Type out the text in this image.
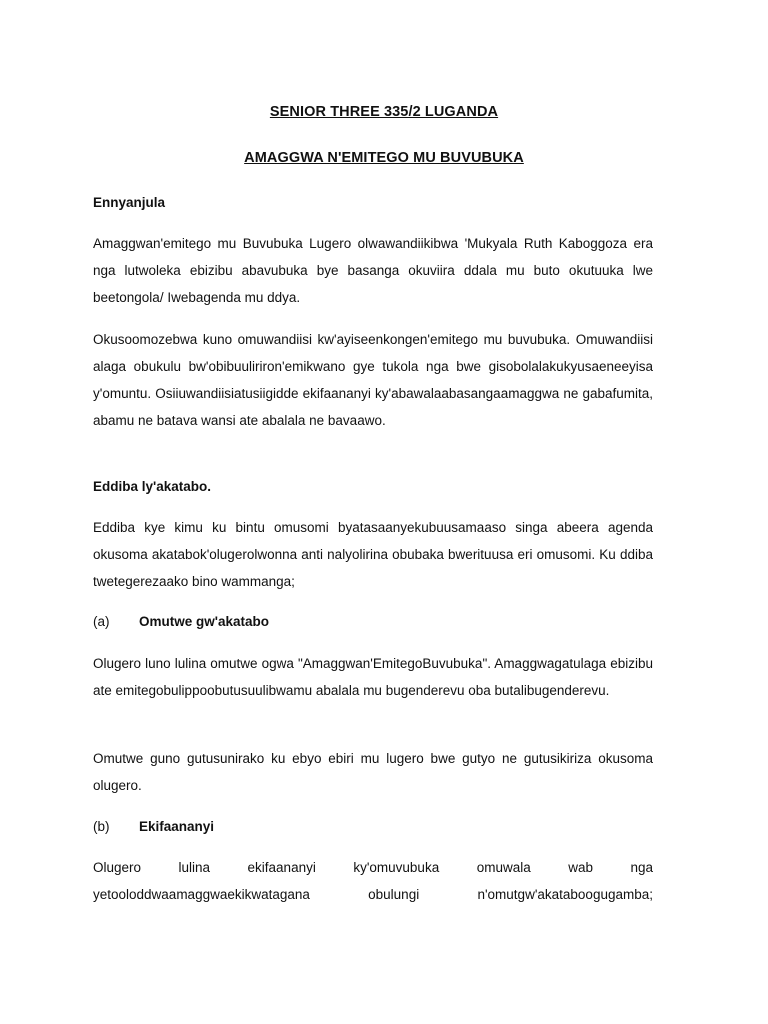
SENIOR THREE 335/2 LUGANDA
AMAGGWA N'EMITEGO MU BUVUBUKA
Ennyanjula
Amaggwan'emitego mu Buvubuka Lugero olwawandiikibwa 'Mukyala Ruth Kaboggoza era nga lutwoleka ebizibu abavubuka bye basanga okuviira ddala mu buto okutuuka lwe beetongola/ Iwebagenda mu ddya.
Okusoomozebwa kuno omuwandiisi kw'ayiseenkongen'emitego mu buvubuka. Omuwandiisi alaga obukulu bw'obibuuliriron'emikwano gye tukola nga bwe gisobolalakukyusaeneeyisa y'omuntu. Osiiuwandiisiatusiigidde ekifaananyi ky'abawalaabasangaamaggwa ne gabafumita, abamu ne batava wansi ate abalala ne bavaawo.
Eddiba ly'akatabo.
Eddiba kye kimu ku bintu omusomi byatasaanyekubuusamaaso singa abeera agenda okusoma akatabok'olugerolwonna anti nalyolirina obubaka bwerituusa eri omusomi. Ku ddiba twetegerezaako bino wammanga;
(a) Omutwe gw'akatabo
Olugero luno lulina omutwe ogwa "Amaggwan'EmitegoBuvubuka". Amaggwagatulaga ebizibu ate emitegobulippoobutusuulibwamu abalala mu bugenderevu oba butalibugenderevu.
Omutwe guno gutusunirako ku ebyo ebiri mu lugero bwe gutyo ne gutusikiriza okusoma olugero.
(b) Ekifaananyi
Olugero lulina ekifaananyi ky'omuvubuka omuwala wab nga yetoolоddwaamaggwaekikwatagana obulungi n'omutgw'akataboogugamba;
